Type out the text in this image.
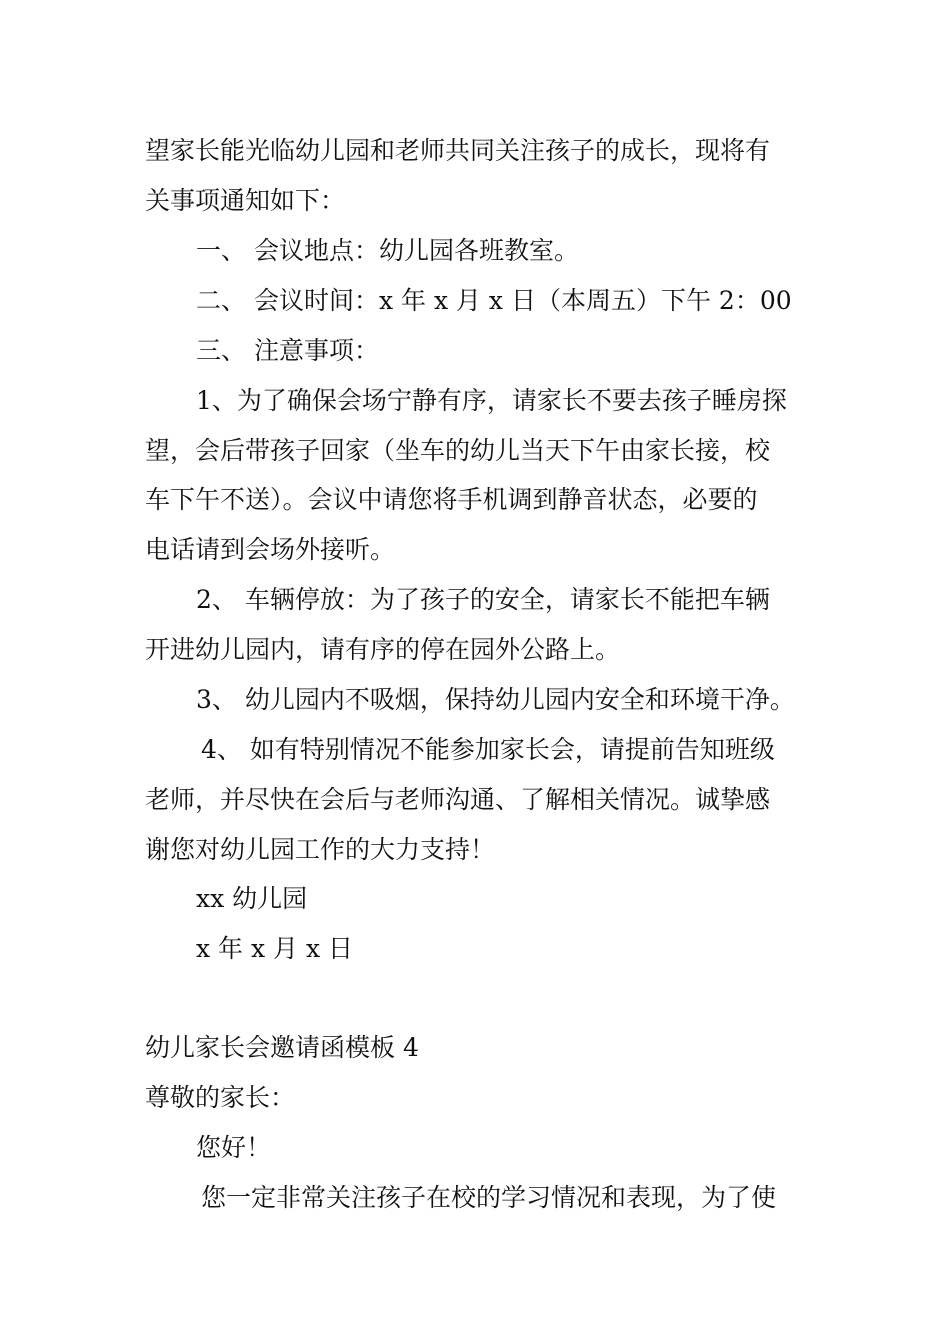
望家长能光临幼儿园和老师共同关注孩子的成长，现将有
关事项通知如下：
一、 会议地点：幼儿园各班教室。
二、 会议时间：x 年 x 月 x 日（本周五）下午 2：00
三、 注意事项：
1、为了确保会场宁静有序，请家长不要去孩子睡房探
望，会后带孩子回家（坐车的幼儿当天下午由家长接，校
车下午不送）。会议中请您将手机调到静音状态，必要的
电话请到会场外接听。
2、 车辆停放：为了孩子的安全，请家长不能把车辆
开进幼儿园内，请有序的停在园外公路上。
3、 幼儿园内不吸烟，保持幼儿园内安全和环境干净。
4、 如有特别情况不能参加家长会，请提前告知班级
老师，并尽快在会后与老师沟通、了解相关情况。诚挚感
谢您对幼儿园工作的大力支持！
xx 幼儿园
x 年 x 月 x 日
幼儿家长会邀请函模板 4
尊敬的家长：
您好！
您一定非常关注孩子在校的学习情况和表现，为了使
